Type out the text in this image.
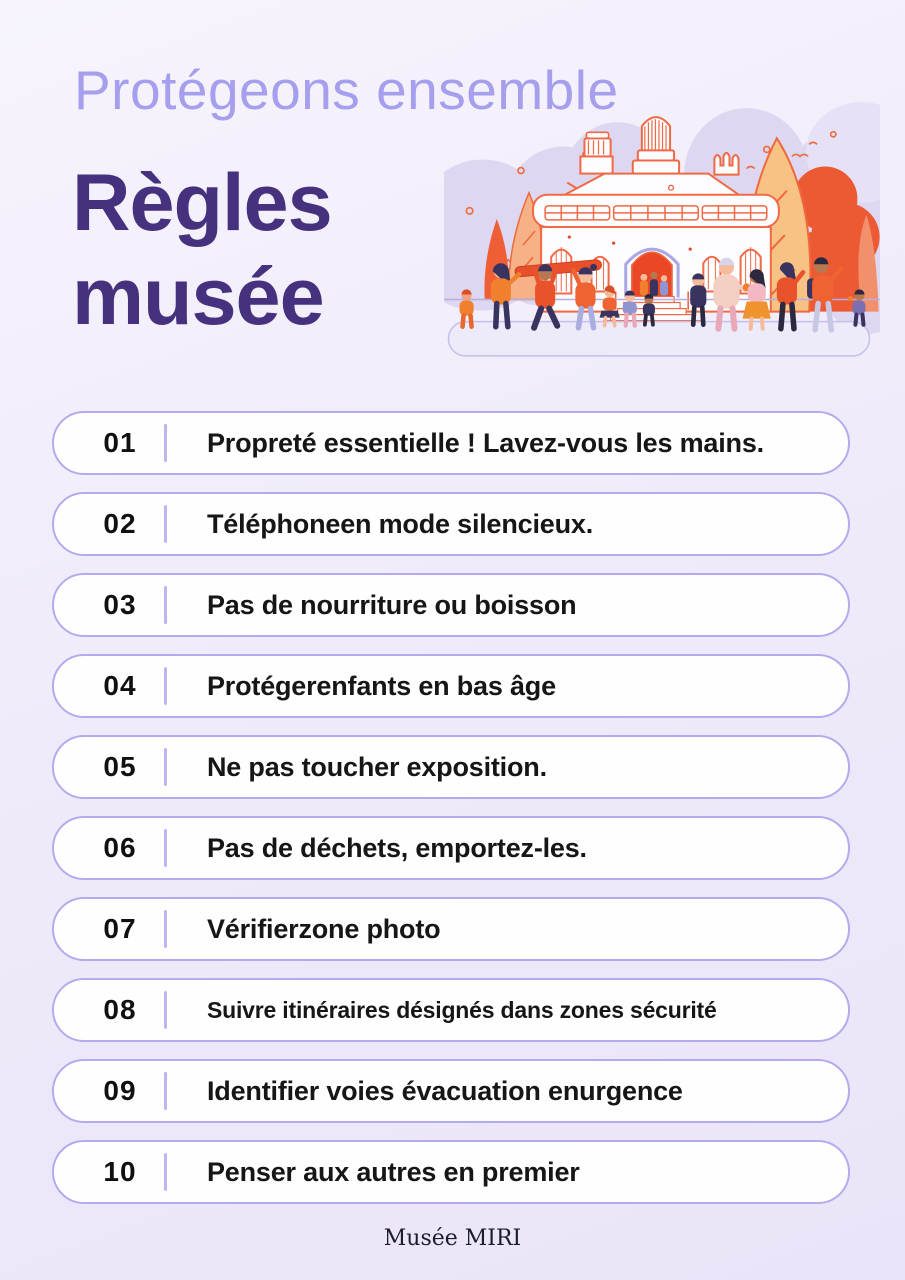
Protégeons ensemble
Règles
musée
01	Propreté essentielle ! Lavez-vous les mains.
02	Téléphoneen mode silencieux.
03	Pas de nourriture ou boisson
04	Protégerenfants en bas âge
05	Ne pas toucher exposition.
06	Pas de déchets, emportez-les.
07	Vérifierzone photo
08	Suivre itinéraires désignés dans zones sécurité
09	Identifier voies évacuation enurgence
10	Penser aux autres en premier
Musée MIRI
